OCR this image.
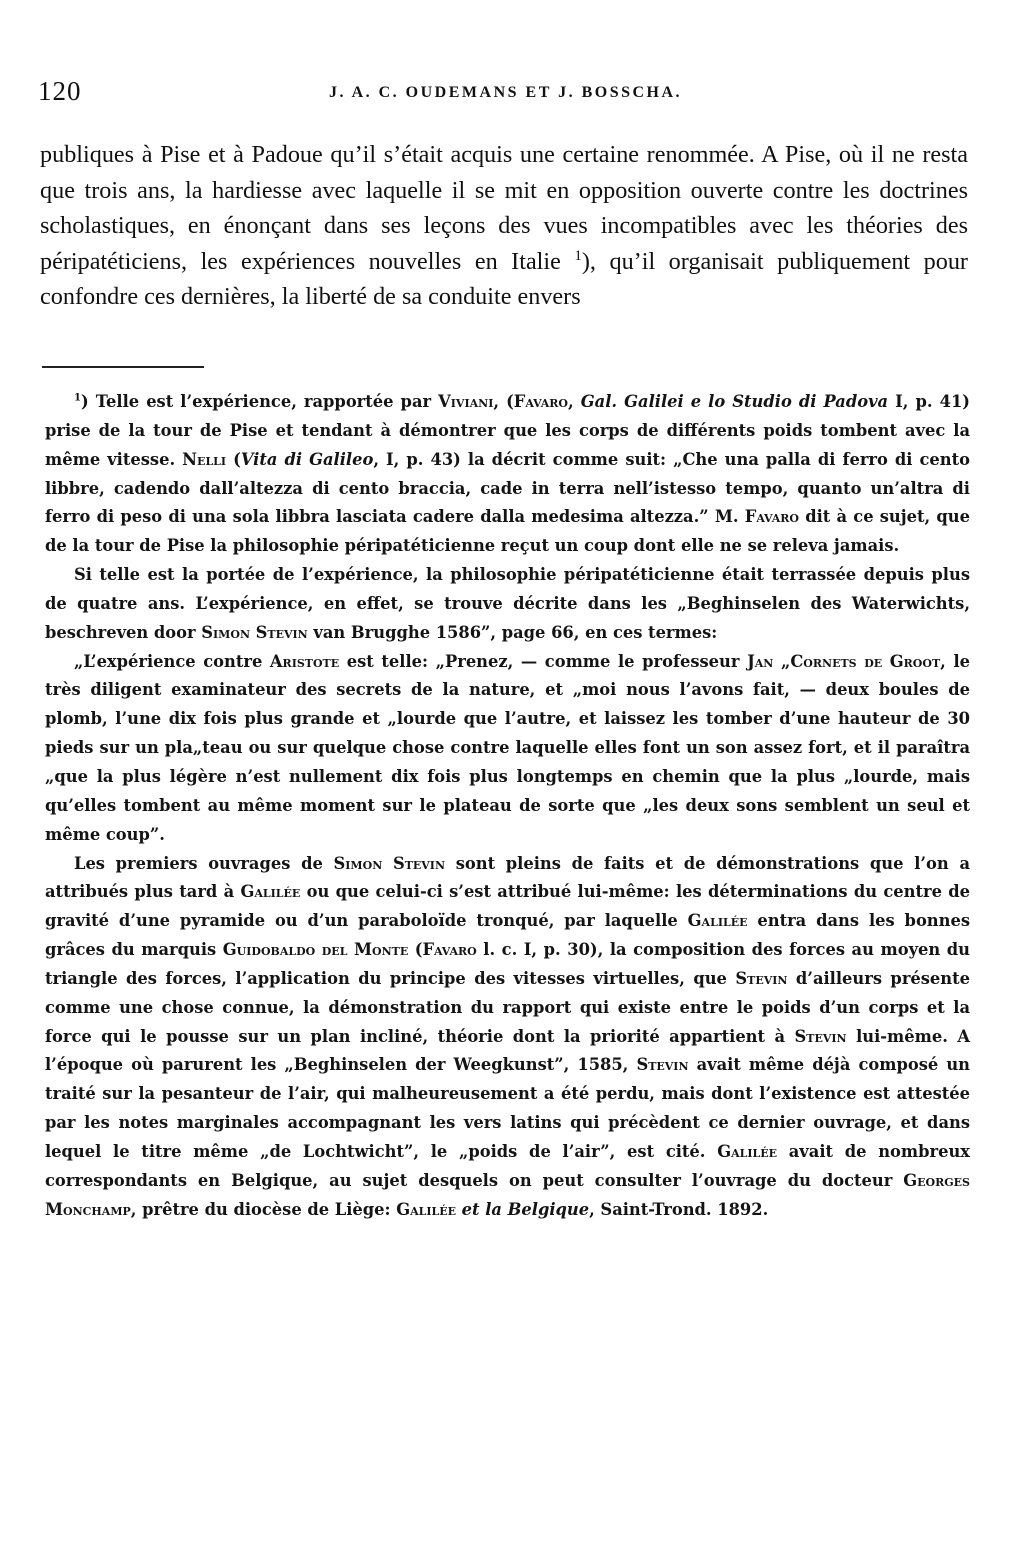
120	J. A. C. OUDEMANS ET J. BOSSCHA.

publiques à Pise et à Padoue qu’il s’était acquis une certaine renommée. A Pise, où il ne resta que trois ans, la hardiesse avec laquelle il se mit en opposition ouverte contre les doctrines scholastiques, en énonçant dans ses leçons des vues incompatibles avec les théories des péripatéticiens, les expériences nouvelles en Italie $^1$), qu’il organisait publiquement pour confondre ces dernières, la liberté de sa conduite envers

$^1$) Telle est l’expérience, rapportée par Viviani, (Favaro, Gal. Galilei e lo Studio di Padova I, p. 41) prise de la tour de Pise et tendant à démontrer que les corps de différents poids tombent avec la même vitesse. Nelli (Vita di Galileo, I, p. 43) la décrit comme suit: „Che una palla di ferro di cento libbre, cadendo dall’altezza di cento braccia, cade in terra nell’istesso tempo, quanto un’altra di ferro di peso di una sola libbra lasciata cadere dalla medesima altezza.” M. Favaro dit à ce sujet, que de la tour de Pise la philosophie péripatéticienne reçut un coup dont elle ne se releva jamais.

Si telle est la portée de l’expérience, la philosophie péripatéticienne était terrassée depuis plus de quatre ans. L’expérience, en effet, se trouve décrite dans les „Beghinselen des Waterwichts, beschreven door Simon Stevin van Brugghe 1586”, page 66, en ces termes:

„L’expérience contre Aristote est telle: „Prenez, — comme le professeur Jan „Cornets de Groot, le très diligent examinateur des secrets de la nature, et „moi nous l’avons fait, — deux boules de plomb, l’une dix fois plus grande et „lourde que l’autre, et laissez les tomber d’une hauteur de 30 pieds sur un pla„teau ou sur quelque chose contre laquelle elles font un son assez fort, et il paraîtra „que la plus légère n’est nullement dix fois plus longtemps en chemin que la plus „lourde, mais qu’elles tombent au même moment sur le plateau de sorte que „les deux sons semblent un seul et même coup”.

Les premiers ouvrages de Simon Stevin sont pleins de faits et de démonstrations que l’on a attribués plus tard à Galilée ou que celui-ci s’est attribué lui-même: les déterminations du centre de gravité d’une pyramide ou d’un paraboloïde tronqué, par laquelle Galilée entra dans les bonnes grâces du marquis Guidobaldo del Monte (Favaro l. c. I, p. 30), la composition des forces au moyen du triangle des forces, l’application du principe des vitesses virtuelles, que Stevin d’ailleurs présente comme une chose connue, la démonstration du rapport qui existe entre le poids d’un corps et la force qui le pousse sur un plan incliné, théorie dont la priorité appartient à Stevin lui-même. A l’époque où parurent les „Beghinselen der Weegkunst”, 1585, Stevin avait même déjà composé un traité sur la pesanteur de l’air, qui malheureusement a été perdu, mais dont l’existence est attestée par les notes marginales accompagnant les vers latins qui précèdent ce dernier ouvrage, et dans lequel le titre même „de Lochtwicht”, le „poids de l’air”, est cité. Galilée avait de nombreux correspondants en Belgique, au sujet desquels on peut consulter l’ouvrage du docteur Georges Monchamp, prêtre du diocèse de Liège: Galilée et la Belgique, Saint-Trond. 1892.
